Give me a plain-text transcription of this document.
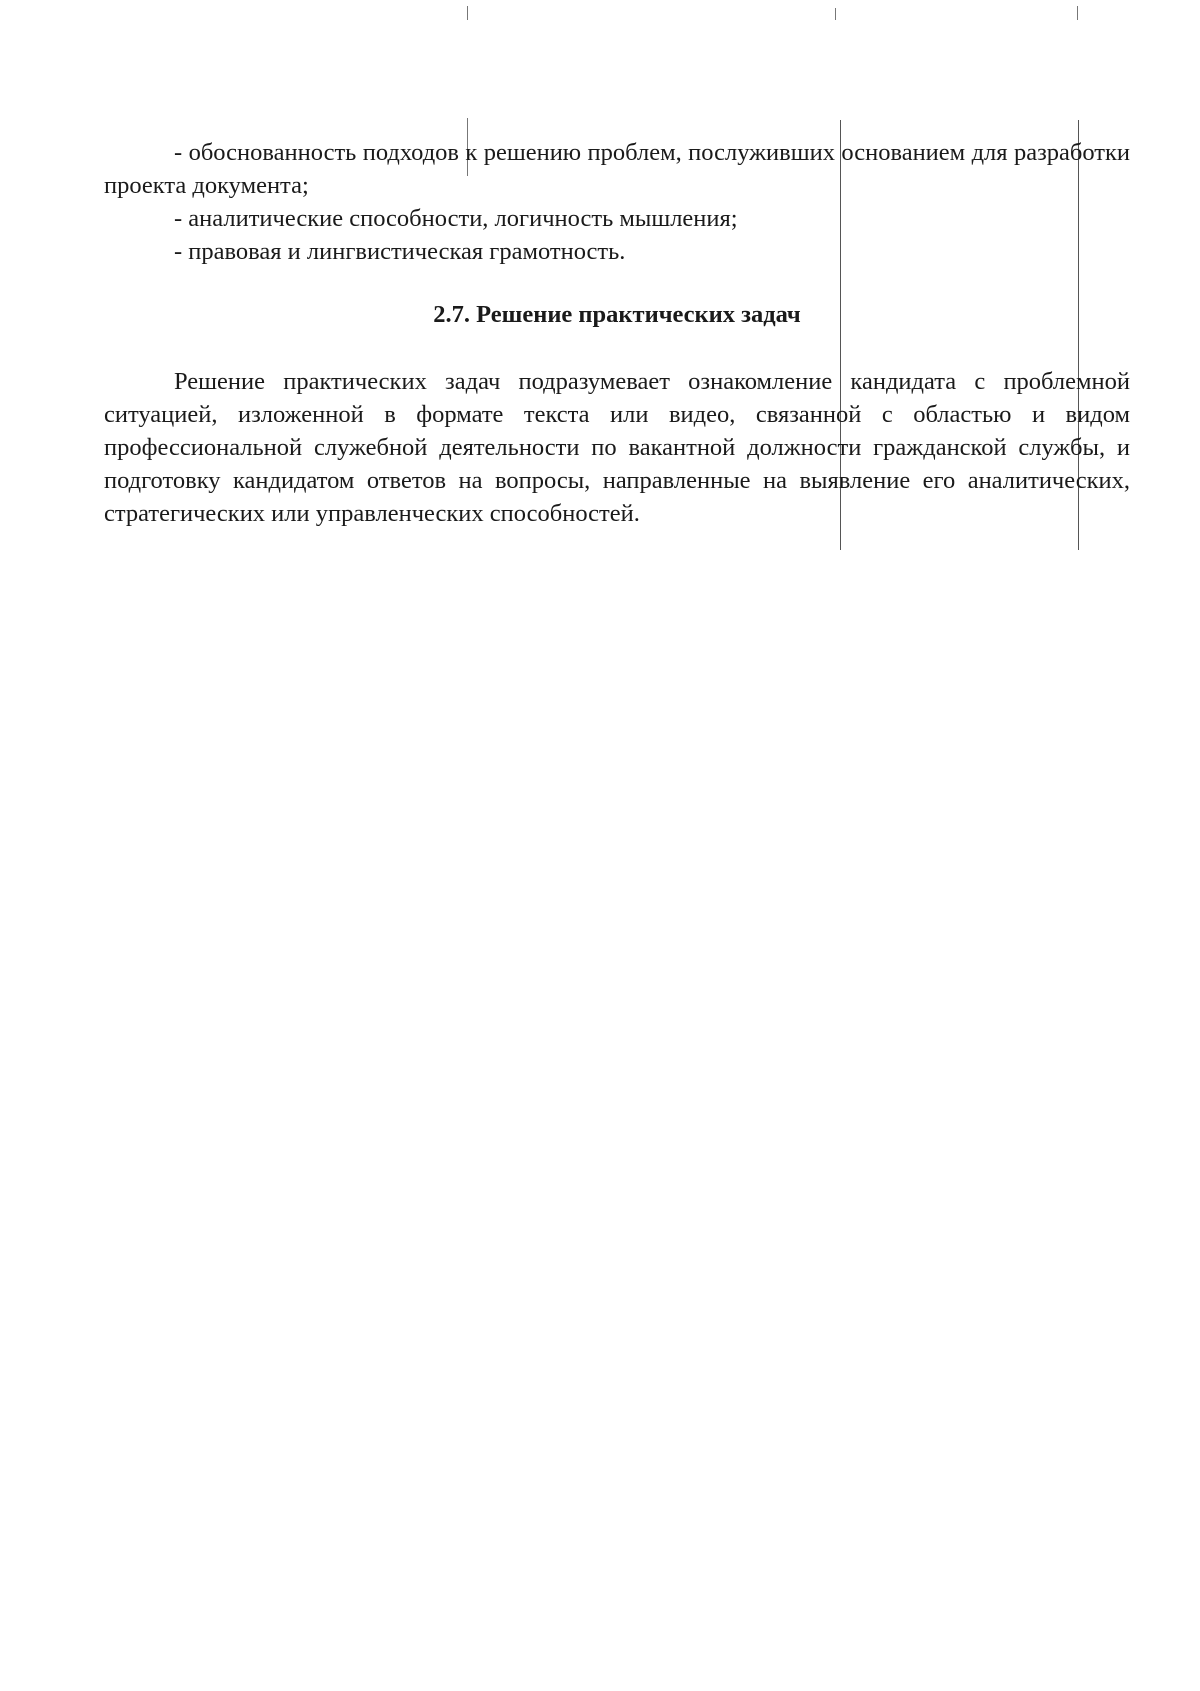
- обоснованность подходов к решению проблем, послуживших основанием для разработки проекта документа;

- аналитические способности, логичность мышления;

- правовая и лингвистическая грамотность.

2.7. Решение практических задач

Решение практических задач подразумевает ознакомление кандидата с проблемной ситуацией, изложенной в формате текста или видео, связанной с областью и видом профессиональной служебной деятельности по вакантной должности гражданской службы, и подготовку кандидатом ответов на вопросы, направленные на выявление его аналитических, стратегических или управленческих способностей.
